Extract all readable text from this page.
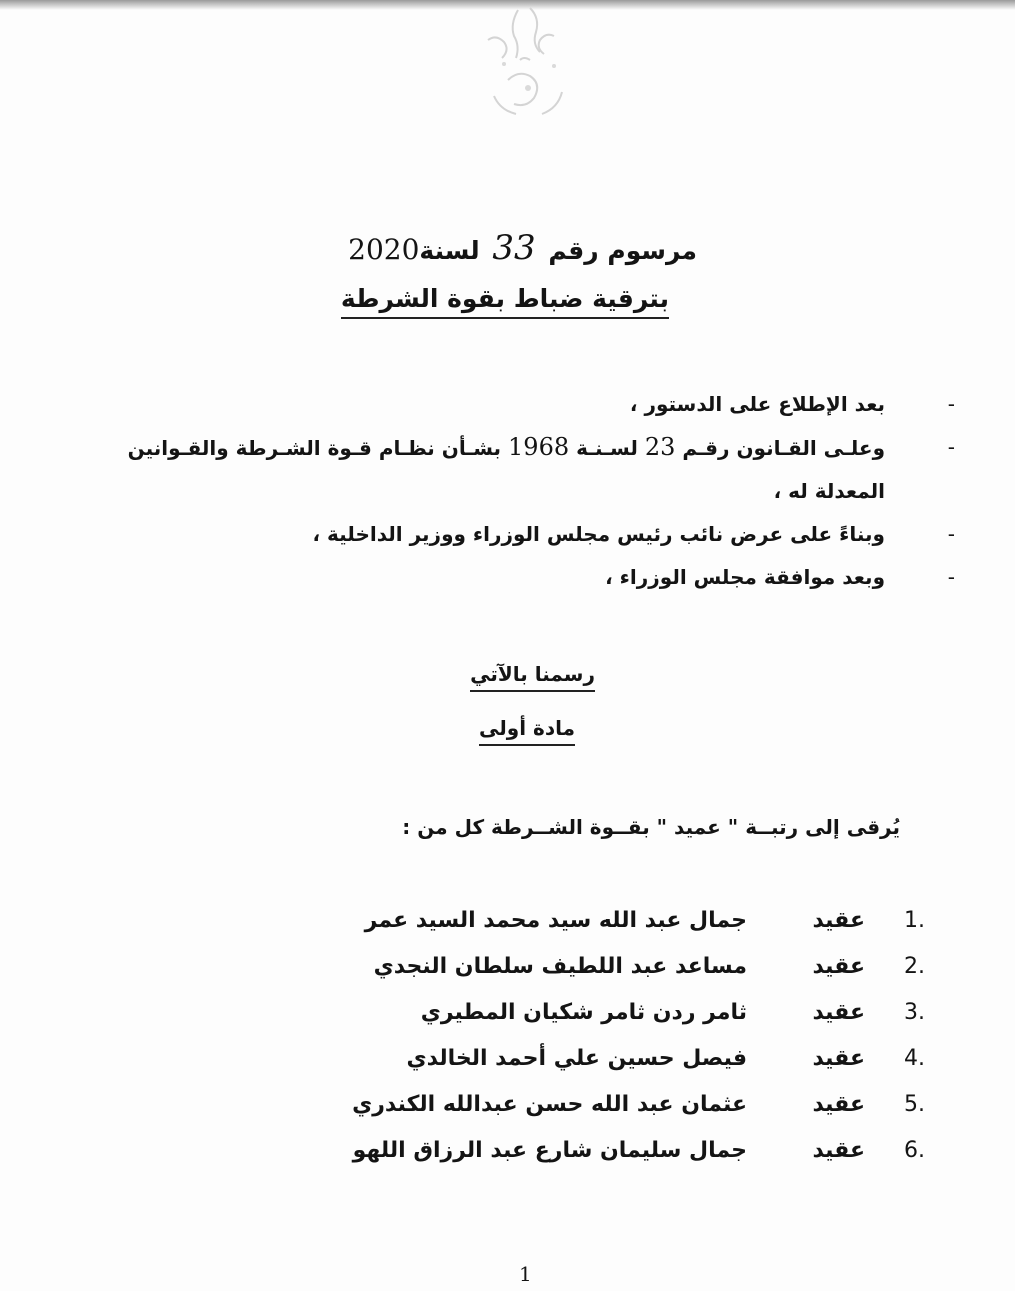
مرسوم رقم 33 لسنة2020
بترقية ضباط بقوة الشرطة
-
بعد الإطلاع على الدستور ،
-
وعلـى القـانون رقـم 23 لسـنـة 1968 بشـأن نظـام قـوة الشـرطة والقـوانين
المعدلة له ،
-
وبناءً على عرض نائب رئيس مجلس الوزراء ووزير الداخلية ،
-
وبعد موافقة مجلس الوزراء ،
رسمنا بالآتي
مادة أولى
يُرقى إلى رتبــة " عميد " بقــوة الشــرطة كل من :
1.
عقيد
جمال عبد الله سيد محمد السيد عمر
2.
عقيد
مساعد عبد اللطيف سلطان النجدي
3.
عقيد
ثامر ردن ثامر شكيان المطيري
4.
عقيد
فيصل حسين علي أحمد الخالدي
5.
عقيد
عثمان عبد الله حسن عبدالله الكندري
6.
عقيد
جمال سليمان شارع عبد الرزاق اللهو
1
